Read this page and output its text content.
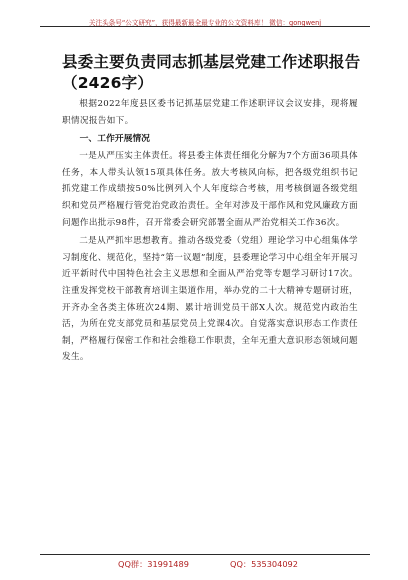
关注头条号“公文研究”，获得最新最全最专业的公文资料库！ 微信：gongwenj
县委主要负责同志抓基层党建工作述职报告（2426字）

根据2022年度县区委书记抓基层党建工作述职评议会议安排，现将履职情况报告如下。

一、工作开展情况

一是从严压实主体责任。将县委主体责任细化分解为7个方面36项具体任务，本人带头认领15项具体任务。放大考核风向标，把各级党组织书记抓党建工作成绩按50%比例列入个人年度综合考核，用考核倒逼各级党组织和党员严格履行管党治党政治责任。全年对涉及干部作风和党风廉政方面问题作出批示98件，召开常委会研究部署全面从严治党相关工作36次。

二是从严抓牢思想教育。推动各级党委（党组）理论学习中心组集体学习制度化、规范化，坚持“第一议题”制度，县委理论学习中心组全年开展习近平新时代中国特色社会主义思想和全面从严治党等专题学习研讨17次。注重发挥党校干部教育培训主渠道作用，举办党的二十大精神专题研讨班，开齐办全各类主体班次24期、累计培训党员干部X人次。规范党内政治生活，为所在党支部党员和基层党员上党课4次。自觉落实意识形态工作责任制，严格履行保密工作和社会维稳工作职责，全年无重大意识形态领域问题发生。

QQ群：31991489	QQ：535304092
